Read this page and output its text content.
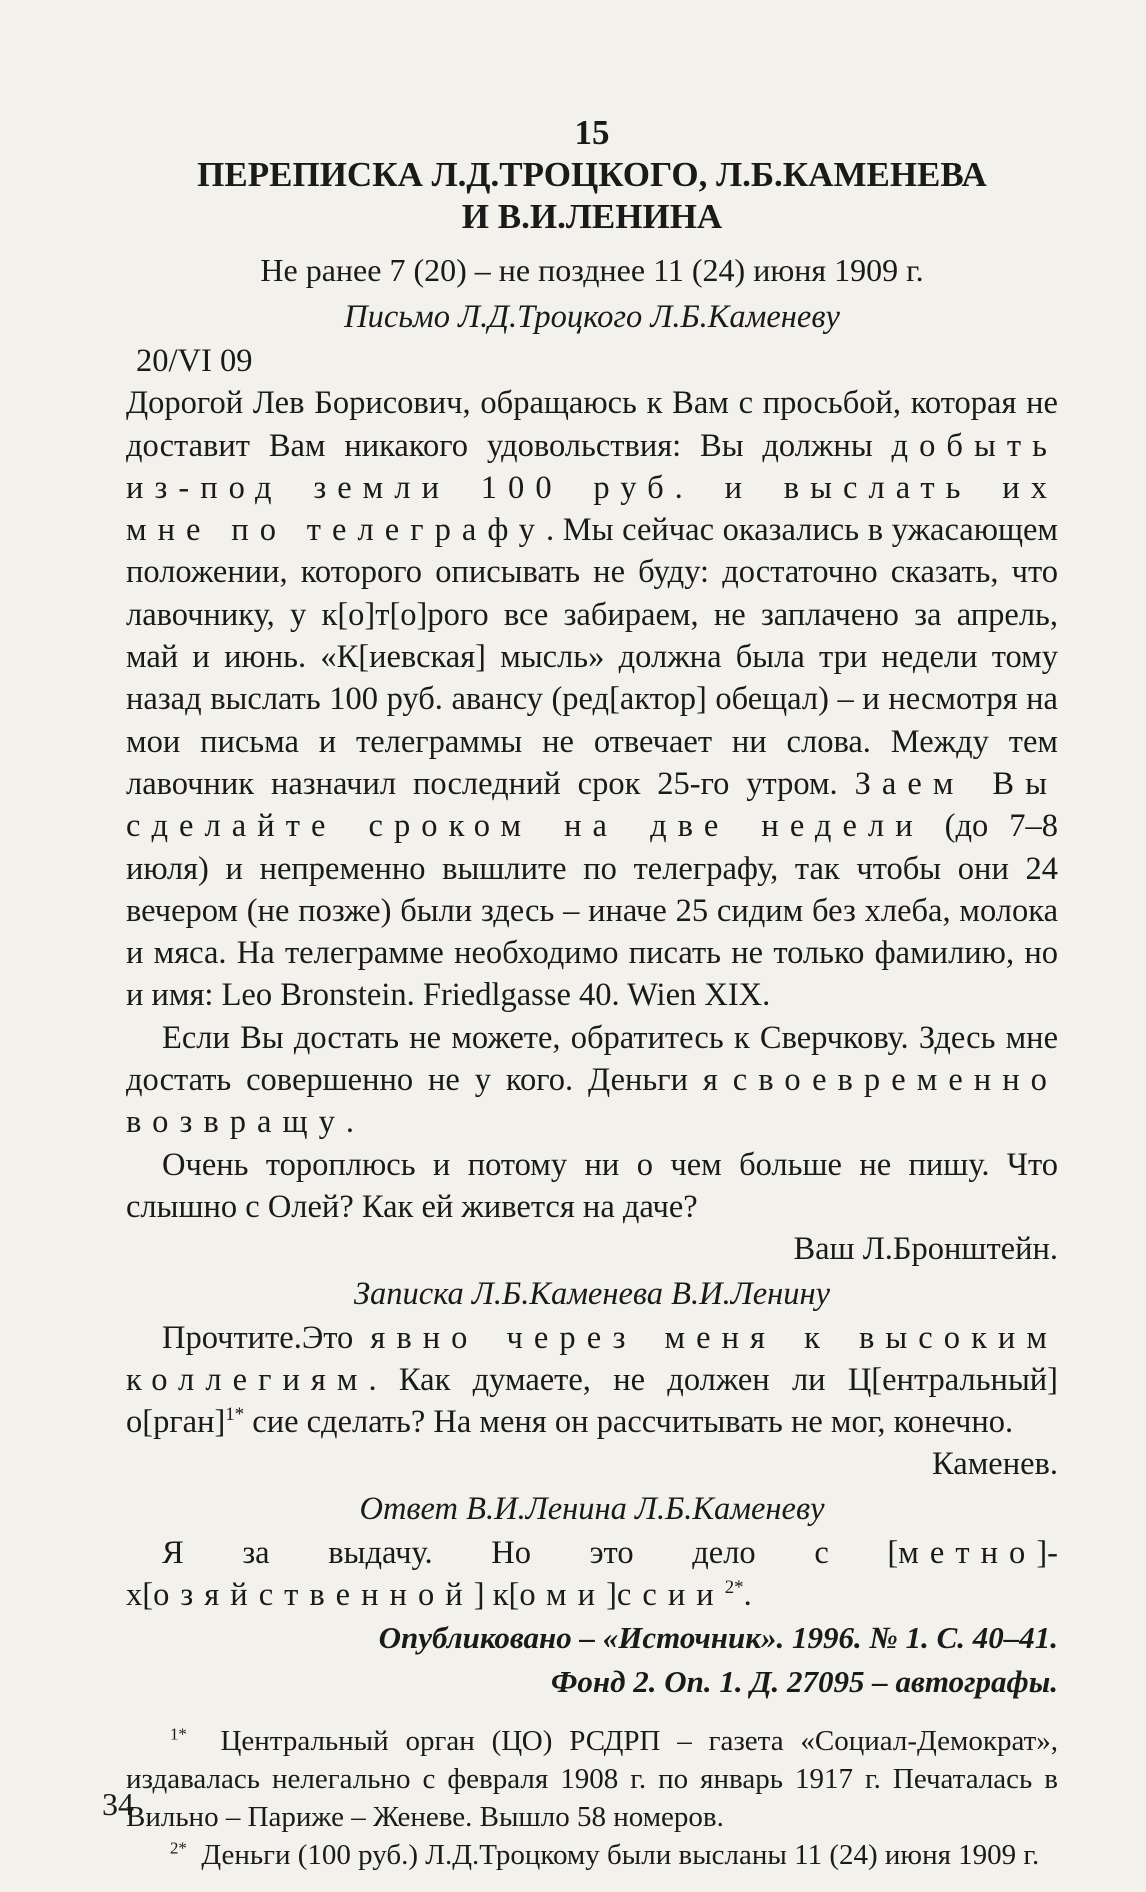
15
ПЕРЕПИСКА Л.Д.ТРОЦКОГО, Л.Б.КАМЕНЕВА
И В.И.ЛЕНИНА
Не ранее 7 (20) – не позднее 11 (24) июня 1909 г.
Письмо Л.Д.Троцкого Л.Б.Каменеву
20/VI 09
Дорогой Лев Борисович, обращаюсь к Вам с просьбой, которая не доставит Вам никакого удовольствия: Вы должны добыть из-под земли 100 руб. и выслать их мне по телеграфу. Мы сейчас оказались в ужасающем положении, которого описывать не буду: достаточно сказать, что лавочнику, у к[о]т[о]рого все забираем, не заплачено за апрель, май и июнь. «К[иевская] мысль» должна была три недели тому назад выслать 100 руб. авансу (ред[актор] обещал) – и несмотря на мои письма и телеграммы не отвечает ни слова. Между тем лавочник назначил последний срок 25-го утром. Заем Вы сделайте сроком на две недели (до 7–8 июля) и непременно вышлите по телеграфу, так чтобы они 24 вечером (не позже) были здесь – иначе 25 сидим без хлеба, молока и мяса. На телеграмме необходимо писать не только фамилию, но и имя: Leo Bronstein. Friedlgasse 40. Wien XIX.
Если Вы достать не можете, обратитесь к Сверчкову. Здесь мне достать совершенно не у кого. Деньги я своевременно возвращу.
Очень тороплюсь и потому ни о чем больше не пишу. Что слышно с Олей? Как ей живется на даче?
Ваш Л.Бронштейн.
Записка Л.Б.Каменева В.И.Ленину
Прочтите.Это явно через меня к высоким коллегиям. Как думаете, не должен ли Ц[ентральный] о[рган]$^{1*}$ сие сделать? На меня он рассчитывать не мог, конечно.
Каменев.
Ответ В.И.Ленина Л.Б.Каменеву
Я за выдачу. Но это дело с [метно]-х[озяйственной] к[оми]ссии$^{2*}$.
Опубликовано – «Источник». 1996. № 1. С. 40–41.
Фонд 2. Оп. 1. Д. 27095 – автографы.
$^{1*}$ Центральный орган (ЦО) РСДРП – газета «Социал-Демократ», издавалась нелегально с февраля 1908 г. по январь 1917 г. Печаталась в Вильно – Париже – Женеве. Вышло 58 номеров.
$^{2*}$ Деньги (100 руб.) Л.Д.Троцкому были высланы 11 (24) июня 1909 г.
34
